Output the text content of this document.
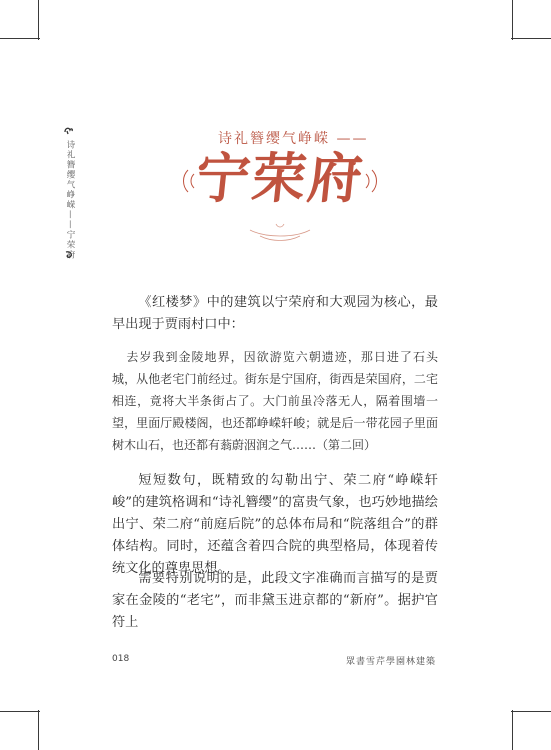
诗礼簪缨气峥嵘——宁荣府
诗礼簪缨气峥嵘 ——
宁荣府

《红楼梦》中的建筑以宁荣府和大观园为核心，最早出现于贾雨村口中：

去岁我到金陵地界，因欲游览六朝遗迹，那日进了石头城，从他老宅门前经过。街东是宁国府，街西是荣国府，二宅相连，竟将大半条街占了。大门前虽冷落无人，隔着围墙一望，里面厅殿楼阁，也还都峥嵘轩峻；就是后一带花园子里面树木山石，也还都有蓊蔚洇润之气……（第二回）

短短数句，既精致的勾勒出宁、荣二府“峥嵘轩峻”的建筑格调和“诗礼簪缨”的富贵气象，也巧妙地描绘出宁、荣二府“前庭后院”的总体布局和“院落组合”的群体结构。同时，还蕴含着四合院的典型格局，体现着传统文化的尊卑思想。

需要特别说明的是，此段文字准确而言描写的是贾家在金陵的“老宅”，而非黛玉进京都的“新府”。据护官符上

018	眾書雪芹學園林建築
